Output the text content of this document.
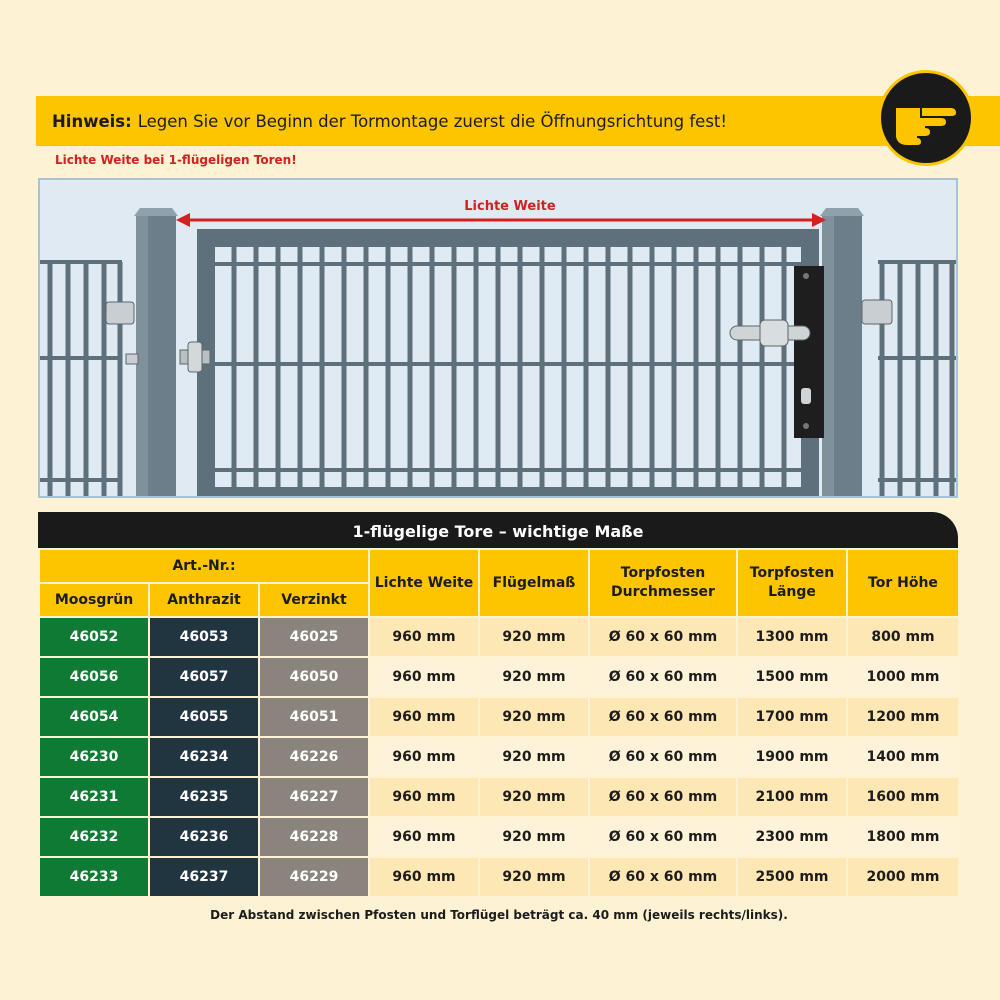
Hinweis: Legen Sie vor Beginn der Tormontage zuerst die Öffnungsrichtung fest!
Lichte Weite bei 1-flügeligen Toren!
Lichte Weite
1-flügelige Tore – wichtige Maße
Art.-Nr.:			Lichte Weite	Flügelmaß	Torpfosten Durchmesser	Torpfosten Länge	Tor Höhe
Moosgrün	Anthrazit	Verzinkt					
46052	46053	46025	960 mm	920 mm	Ø 60 x 60 mm	1300 mm	800 mm
46056	46057	46050	960 mm	920 mm	Ø 60 x 60 mm	1500 mm	1000 mm
46054	46055	46051	960 mm	920 mm	Ø 60 x 60 mm	1700 mm	1200 mm
46230	46234	46226	960 mm	920 mm	Ø 60 x 60 mm	1900 mm	1400 mm
46231	46235	46227	960 mm	920 mm	Ø 60 x 60 mm	2100 mm	1600 mm
46232	46236	46228	960 mm	920 mm	Ø 60 x 60 mm	2300 mm	1800 mm
46233	46237	46229	960 mm	920 mm	Ø 60 x 60 mm	2500 mm	2000 mm
Der Abstand zwischen Pfosten und Torflügel beträgt ca. 40 mm (jeweils rechts/links).							
